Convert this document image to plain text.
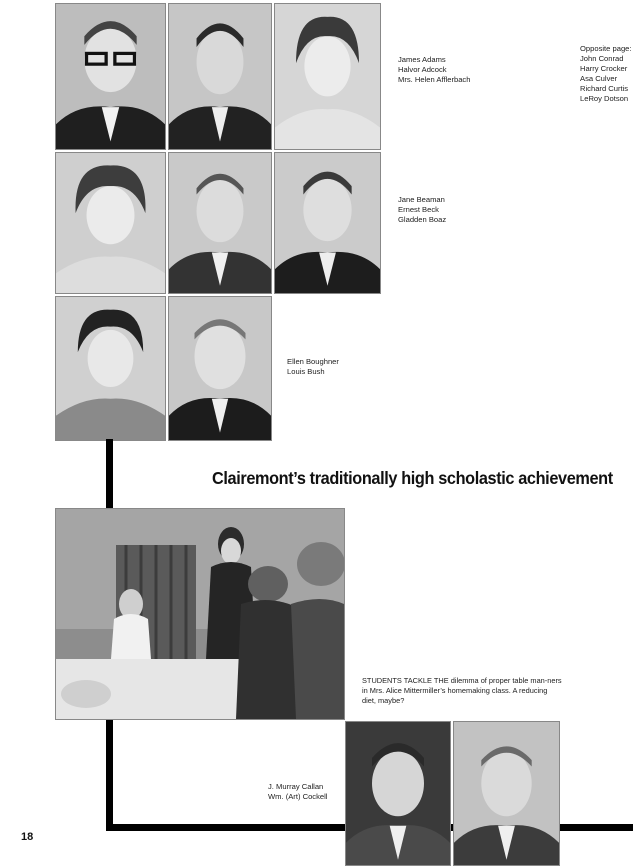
James Adams
Halvor Adcock
Mrs. Helen Afflerbach
Jane Beaman
Ernest Beck
Gladden Boaz
Ellen Boughner
Louis Bush
Opposite page:
John Conrad
Harry Crocker
Asa Culver
Richard Curtis
LeRoy Dotson
Clairemont’s traditionally high scholastic achievement
STUDENTS TACKLE THE dilemma of proper table man-ners in Mrs. Alice Mittermiller’s homemaking class. A reducing diet, maybe?
J. Murray Callan
Wm. (Art) Cockell
18
